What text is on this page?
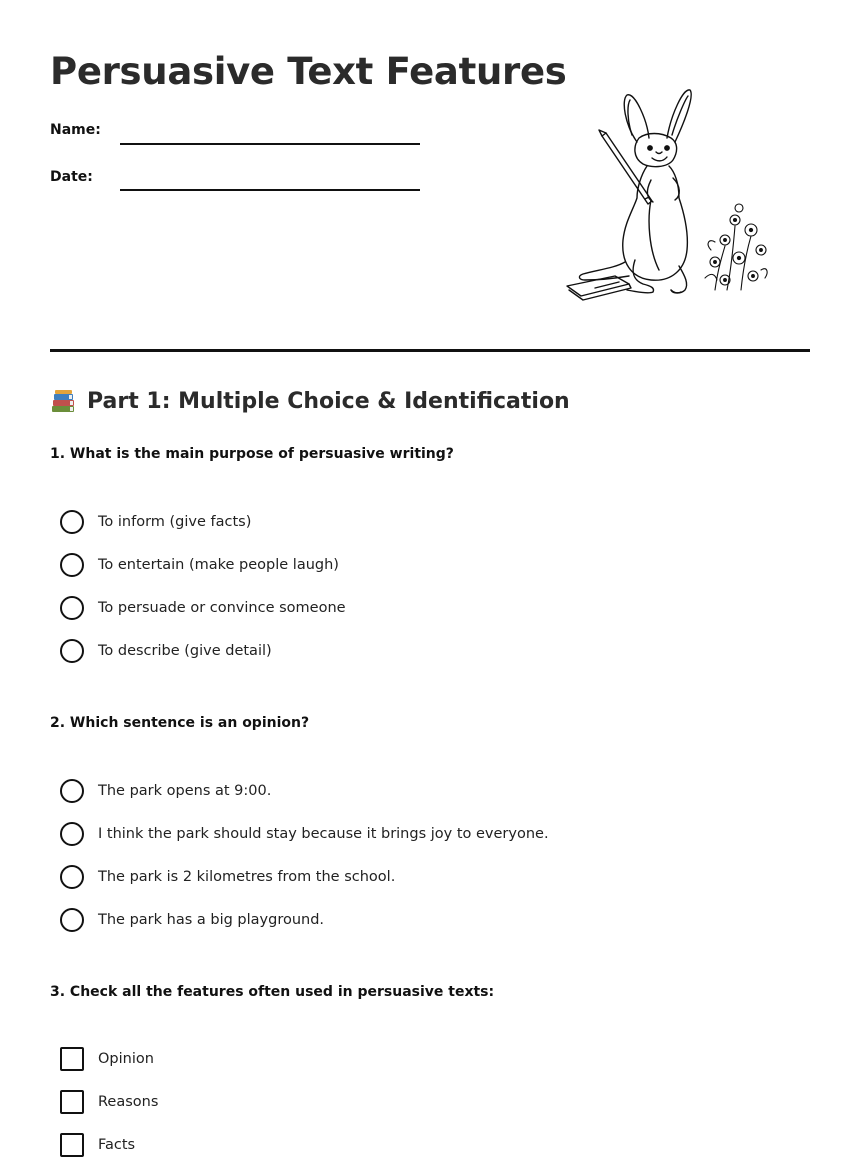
Persuasive Text Features
Name:
Date:
Part 1: Multiple Choice & Identification

1. What is the main purpose of persuasive writing?

To inform (give facts)
To entertain (make people laugh)
To persuade or convince someone
To describe (give detail)

2. Which sentence is an opinion?

The park opens at 9:00.
I think the park should stay because it brings joy to everyone.
The park is 2 kilometres from the school.
The park has a big playground.

3. Check all the features often used in persuasive texts:

Opinion
Reasons
Facts
